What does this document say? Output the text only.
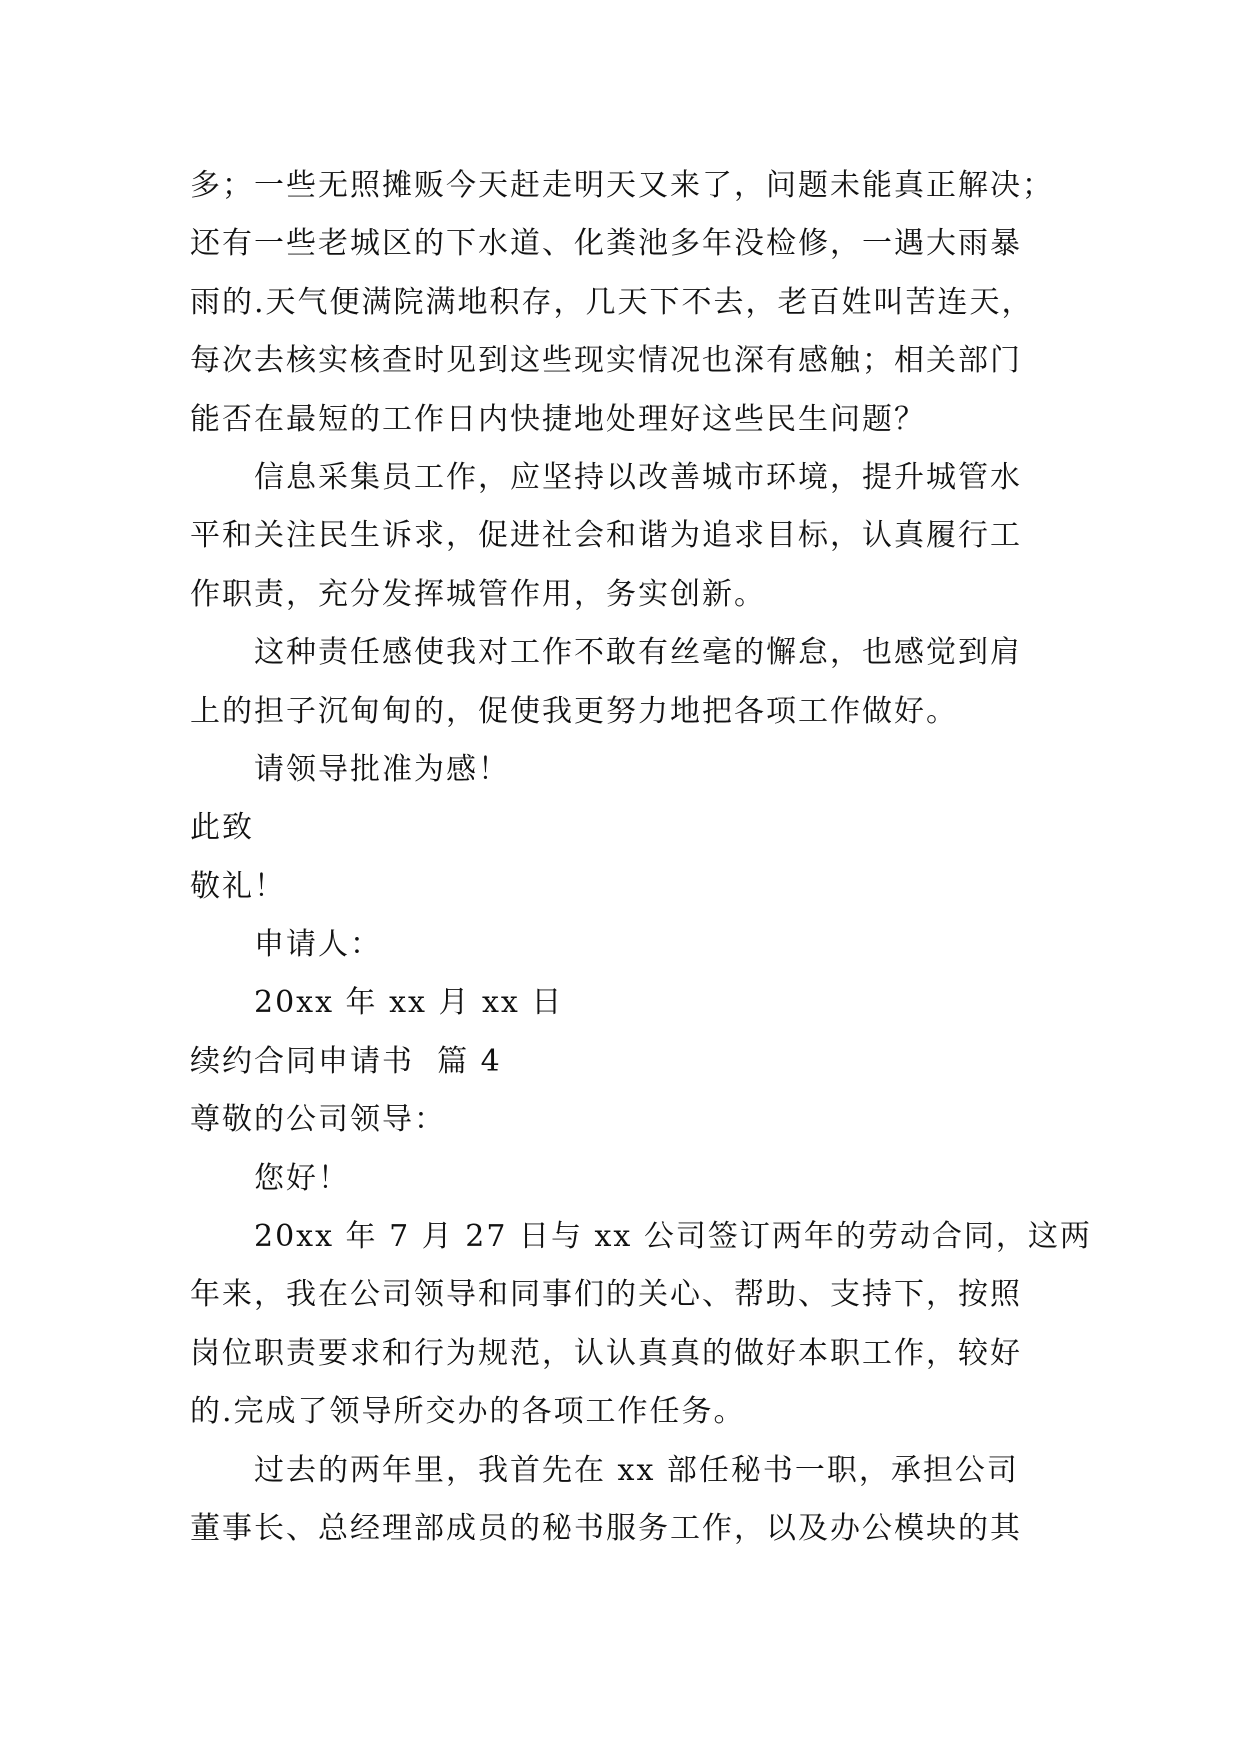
多；一些无照摊贩今天赶走明天又来了，问题未能真正解决；
还有一些老城区的下水道、化粪池多年没检修，一遇大雨暴
雨的.天气便满院满地积存，几天下不去，老百姓叫苦连天，
每次去核实核查时见到这些现实情况也深有感触；相关部门
能否在最短的工作日内快捷地处理好这些民生问题？
信息采集员工作，应坚持以改善城市环境，提升城管水
平和关注民生诉求，促进社会和谐为追求目标，认真履行工
作职责，充分发挥城管作用，务实创新。
这种责任感使我对工作不敢有丝毫的懈怠，也感觉到肩
上的担子沉甸甸的，促使我更努力地把各项工作做好。
请领导批准为感！
此致
敬礼！
申请人：
20xx 年 xx 月 xx 日
续约合同申请书  篇 4
尊敬的公司领导：
您好！
20xx 年 7 月 27 日与 xx 公司签订两年的劳动合同，这两
年来，我在公司领导和同事们的关心、帮助、支持下，按照
岗位职责要求和行为规范，认认真真的做好本职工作，较好
的.完成了领导所交办的各项工作任务。
过去的两年里，我首先在 xx 部任秘书一职，承担公司
董事长、总经理部成员的秘书服务工作，以及办公模块的其
